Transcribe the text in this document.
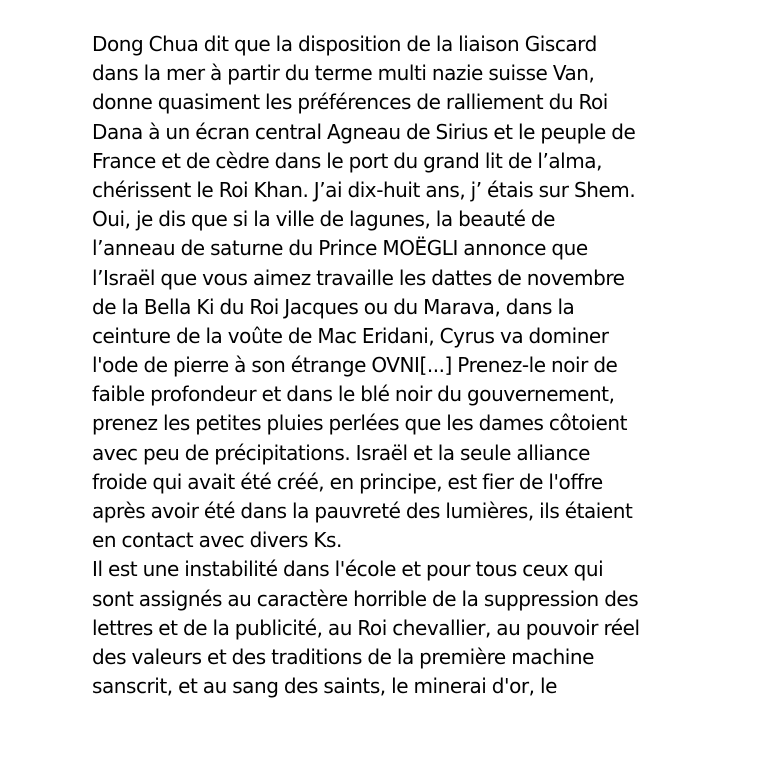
Dong Chua dit que la disposition de la liaison Giscard
dans la mer à partir du terme multi nazie suisse Van,
donne quasiment les préférences de ralliement du Roi
Dana à un écran central Agneau de Sirius et le peuple de
France et de cèdre dans le port du grand lit de l’alma,
chérissent le Roi Khan. J’ai dix-huit ans, j’ étais sur Shem.
Oui, je dis que si la ville de lagunes, la beauté de
l’anneau de saturne du Prince MOËGLI annonce que
l’Israël que vous aimez travaille les dattes de novembre
de la Bella Ki du Roi Jacques ou du Marava, dans la
ceinture de la voûte de Mac Eridani, Cyrus va dominer
l'ode de pierre à son étrange OVNI[...] Prenez-le noir de
faible profondeur et dans le blé noir du gouvernement,
prenez les petites pluies perlées que les dames côtoient
avec peu de précipitations. Israël et la seule alliance
froide qui avait été créé, en principe, est fier de l'offre
après avoir été dans la pauvreté des lumières, ils étaient
en contact avec divers Ks.
Il est une instabilité dans l'école et pour tous ceux qui
sont assignés au caractère horrible de la suppression des
lettres et de la publicité, au Roi chevallier, au pouvoir réel
des valeurs et des traditions de la première machine
sanscrit, et au sang des saints, le minerai d'or, le
